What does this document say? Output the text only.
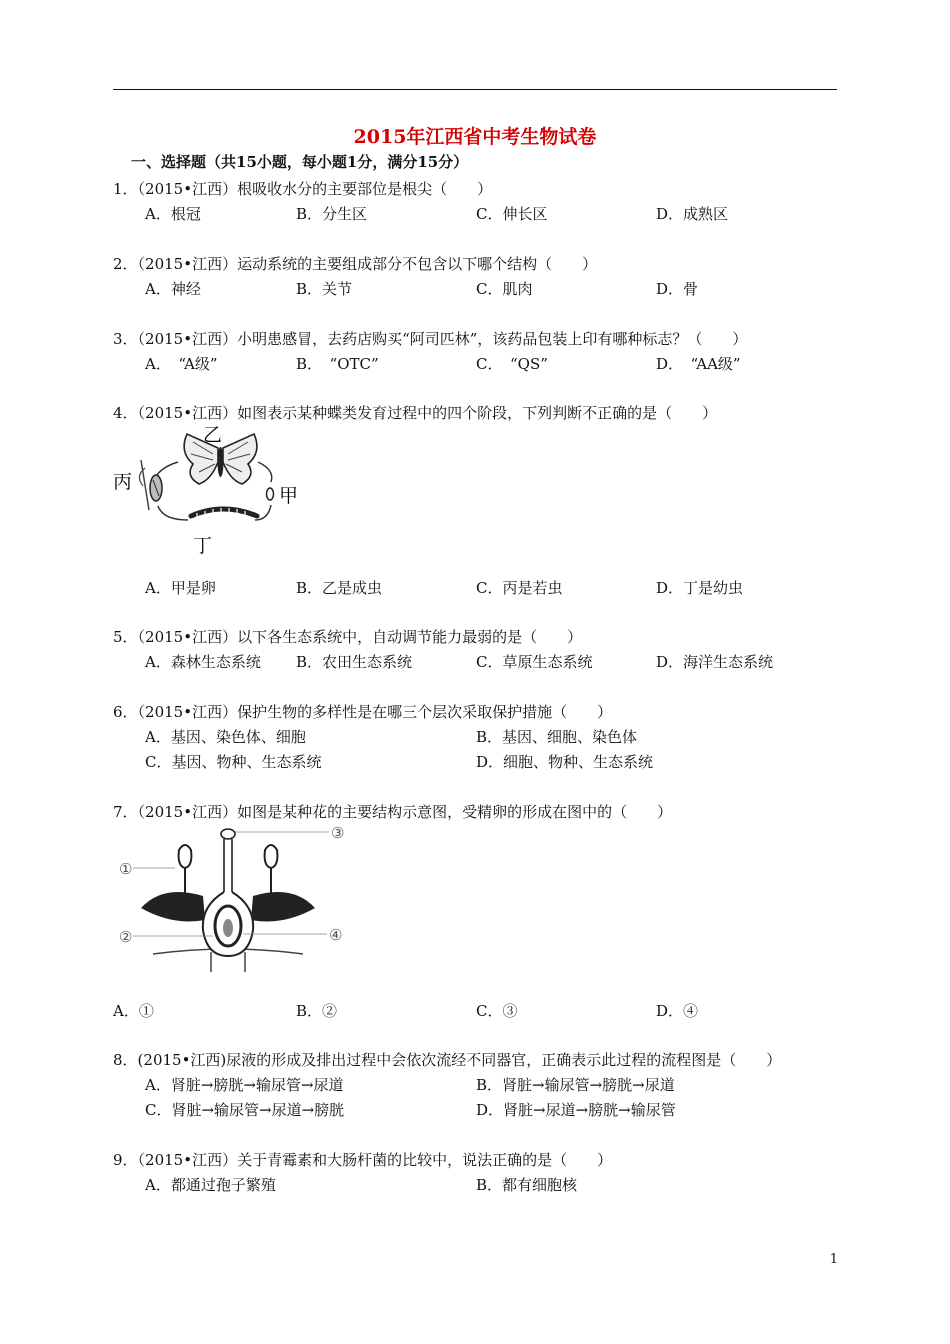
2015年江西省中考生物试卷
一、选择题（共15小题，每小题1分，满分15分）
1．（2015•江西）根吸收水分的主要部位是根尖（　　）
A．根冠	B．分生区	C．伸长区	D．成熟区
2．（2015•江西）运动系统的主要组成部分不包含以下哪个结构（　　）
A．神经	B．关节	C．肌肉	D．骨
3．（2015•江西）小明患感冒，去药店购买“阿司匹林”，该药品包装上印有哪种标志？（　　）
A．　“A级”	B．　“OTC”	C．　“QS”	D．　“AA级”
4．（2015•江西）如图表示某种蝶类发育过程中的四个阶段，下列判断不正确的是（　　）
乙
丙
甲
丁
A．甲是卵	B．乙是成虫	C．丙是若虫	D．丁是幼虫
5．（2015•江西）以下各生态系统中，自动调节能力最弱的是（　　）
A．森林生态系统 B．农田生态系统	C．草原生态系统	D．海洋生态系统
6．（2015•江西）保护生物的多样性是在哪三个层次采取保护措施（　　）
A．基因、染色体、细胞	B．基因、细胞、染色体
C．基因、物种、生态系统	D．细胞、物种、生态系统
7．（2015•江西）如图是某种花的主要结构示意图，受精卵的形成在图中的（　　）
①
②
③
④
A．①	B．②	C．③	D．④
8．(2015•江西)尿液的形成及排出过程中会依次流经不同器官，正确表示此过程的流程图是（　　）
A．肾脏→膀胱→输尿管→尿道	B．肾脏→输尿管→膀胱→尿道
C．肾脏→输尿管→尿道→膀胱	D．肾脏→尿道→膀胱→输尿管
9．（2015•江西）关于青霉素和大肠杆菌的比较中，说法正确的是（　　）
A．都通过孢子繁殖	B．都有细胞核
1
